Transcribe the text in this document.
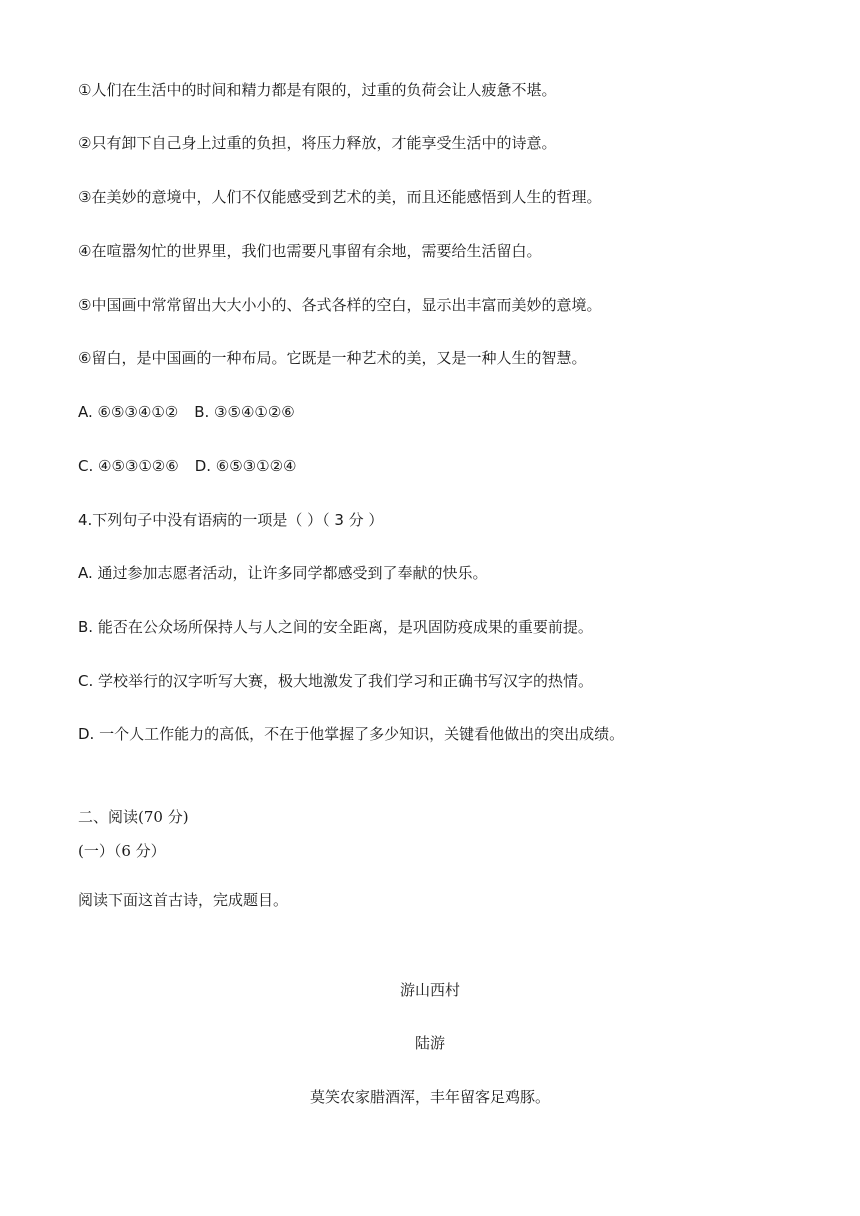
①人们在生活中的时间和精力都是有限的，过重的负荷会让人疲惫不堪。
②只有卸下自己身上过重的负担，将压力释放，才能享受生活中的诗意。
③在美妙的意境中，人们不仅能感受到艺术的美，而且还能感悟到人生的哲理。
④在喧嚣匆忙的世界里，我们也需要凡事留有余地，需要给生活留白。
⑤中国画中常常留出大大小小的、各式各样的空白，显示出丰富而美妙的意境。
⑥留白，是中国画的一种布局。它既是一种艺术的美，又是一种人生的智慧。
A. ⑥⑤③④①② B. ③⑤④①②⑥
C. ④⑤③①②⑥ D. ⑥⑤③①②④
4.下列句子中没有语病的一项是（ ）（ 3 分 ）
A. 通过参加志愿者活动，让许多同学都感受到了奉献的快乐。
B. 能否在公众场所保持人与人之间的安全距离，是巩固防疫成果的重要前提。
C. 学校举行的汉字听写大赛，极大地激发了我们学习和正确书写汉字的热情。
D. 一个人工作能力的高低，不在于他掌握了多少知识，关键看他做出的突出成绩。
二、阅读(70 分)
(一）（6 分）
阅读下面这首古诗，完成题目。
游山西村
陆游
莫笑农家腊酒浑，丰年留客足鸡豚。
